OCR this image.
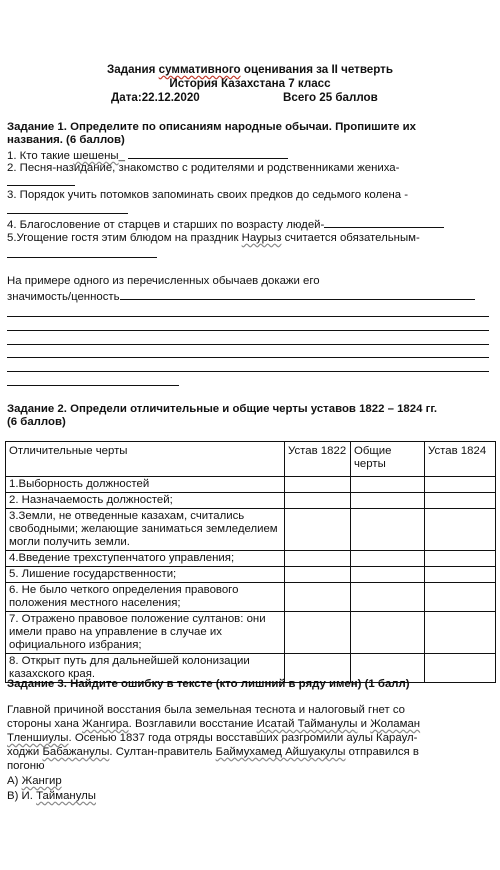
Задания суммативного оценивания за II четверть
История Казахстана 7 класс
Дата:22.12.2020	Всего 25 баллов
Задание 1. Определите по описаниям народные обычаи. Пропишите их
названия. (6 баллов)
1. Кто такие шешены_
2. Песня-назидание, знакомство с родителями и родственниками жениха-
3. Порядок учить потомков запоминать своих предков до седьмого колена -
4. Благословение от старцев и старших по возрасту людей-
5.Угощение гостя этим блюдом на праздник Наурыз считается обязательным-
На примере одного из перечисленных обычаев докажи его
значимость/ценность
Задание 2. Определи отличительные и общие черты уставов 1822 – 1824 гг.
(6 баллов)
Отличительные черты	Устав 1822	Общие черты	Устав 1824
1.Выборность должностей			
2. Назначаемость должностей;			
3.Земли, не отведенные казахам, считались свободными; желающие заниматься земледелием могли получить земли.			
4.Введение трехступенчатого управления;			
5. Лишение государственности;			
6. Не было четкого определения правового положения местного населения;			
7. Отражено правовое положение султанов: они имели право на управление в случае их официального избрания;			
8. Открыт путь для дальнейшей колонизации казахского края.			
Задание 3. Найдите ошибку в тексте (кто лишний в ряду имен) (1 балл)
Главной причиной восстания была земельная теснота и налоговый гнет со
стороны хана Жангира. Возглавили восстание Исатай Тайманулы и Жоламан
Тленшиулы. Осенью 1837 года отряды восставших разгромили аулы Караул-
ходжи Бабажанулы. Султан-правитель Баймухамед Айшуакулы отправился в
погоню
А) Жангир
В) И. Тайманулы
